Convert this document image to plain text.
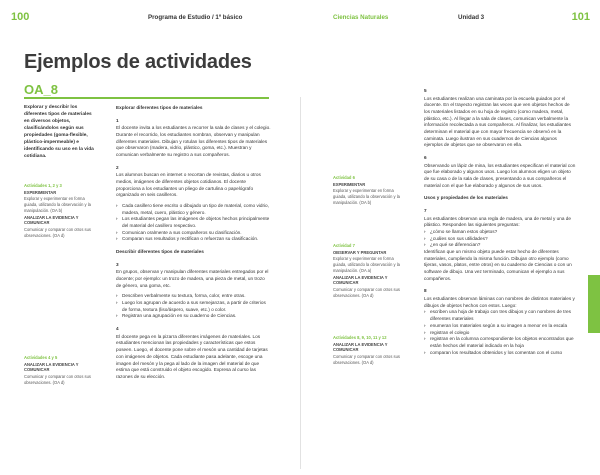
100	Programa de Estudio / 1º básico	Ciencias Naturales	Unidad 3	101
Ejemplos de actividades
OA_8
Explorar y describir los diferentes tipos de materiales en diversos objetos, clasificándolos según sus propiedades (goma-flexible, plástico-impermeable) e identificando su uso en la vida cotidiana.
Actividades 1, 2 y 3
EXPERIMENTAR
Explorar y experimentar en forma guiada, utilizando la observación y la manipulación. (OA b)
ANALIZAR LA EVIDENCIA Y COMUNICAR
Comunicar y comparar con otros sus observaciones. (OA d)
Actividades 4 y 5
ANALIZAR LA EVIDENCIA Y COMUNICAR
Comunicar y comparar con otros sus observaciones. (OA d)
Explorar diferentes tipos de materiales
1

El docente invita a los estudiantes a recorrer la sala de clases y el colegio. Durante el recorrido, los estudiantes nombran, observan y manipulan diferentes materiales. Dibujan y rotulan los diferentes tipos de materiales que observaron (madera, vidrio, plástico, goma, etc.). Muestran y comunican verbalmente su registro a sus compañeros.

2

Los alumnos buscan en internet o recortan de revistas, diarios u otros medios, imágenes de diferentes objetos cotidianos. El docente proporciona a los estudiantes un pliego de cartulina o papelógrafo organizado en seis casilleros.

› Cada casillero tiene escrito o dibujado un tipo de material, como vidrio, madera, metal, cuero, plástico y género.
› Los estudiantes pegan las imágenes de objetos hechos principalmente del material del casillero respectivo.
› Comunican oralmente a sus compañeros su clasificación.
› Comparan sus resultados y rectifican o refuerzan su clasificación.
Describir diferentes tipos de materiales
3

En grupos, observan y manipulan diferentes materiales entregados por el docente; por ejemplo: un trozo de madera, una pieza de metal, un trozo de género, una goma, etc.

› Describen verbalmente su textura, forma, color, entre otras.
› Luego los agrupan de acuerdo a sus semejanzas, a partir de criterios de forma, textura (liso/áspero, suave, etc.) o color.
› Registran una agrupación en su cuaderno de Ciencias.
4

El docente pega en la pizarra diferentes imágenes de materiales. Los estudiantes mencionan las propiedades y características que estos poseen. Luego, el docente pone sobre el mesón una cantidad de tarjetas con imágenes de objetos. Cada estudiante pasa adelante, escoge una imagen del mesón y la pega al lado de la imagen del material de que estima que está construido el objeto escogido. Expresa al curso las razones de su elección.

Actividad 6
EXPERIMENTAR
Explorar y experimentar en forma guiada, utilizando la observación y la manipulación. (OA b)
Actividad 7
OBSERVAR Y PREGUNTAR
Explorar y experimentar en forma guiada, utilizando la observación y la manipulación. (OA a)
ANALIZAR LA EVIDENCIA Y COMUNICAR
Comunicar y comparar con otros sus observaciones. (OA d)
Actividades 8, 9, 10, 11 y 12
ANALIZAR LA EVIDENCIA Y COMUNICAR
Comunicar y comparar con otros sus observaciones. (OA d)
5

Los estudiantes realizan una caminata por la escuela guiados por el docente. En el trayecto registran las veces que ven objetos hechos de los materiales listados en su hoja de registro (como madera, metal, plástico, etc.). Al llegar a la sala de clases, comunican verbalmente la información recolectada a sus compañeros. Al finalizar, los estudiantes determinan el material que con mayor frecuencia se observó en la caminata. Luego ilustran en sus cuadernos de Ciencias algunos ejemplos de objetos que se observaron en ella.

6

Observando un lápiz de mina, los estudiantes especifican el material con que fue elaborado y algunos usos. Luego los alumnos eligen un objeto de su casa o de la sala de clases, presentando a sus compañeros el material con el que fue elaborado y algunos de sus usos.

Usos y propiedades de los materiales
7

Los estudiantes observan una regla de madera, una de metal y una de plástico. Responden las siguientes preguntas:

› ¿cómo se llaman estos objetos?
› ¿cuáles son sus utilidades?
› ¿en qué se diferencian?

Identifican que un mismo objeto puede estar hecho de diferentes materiales, cumpliendo la misma función. Dibujan otro ejemplo (como tijeras, vasos, platos, entre otros) en su cuaderno de Ciencias o con un software de dibujo. Una vez terminado, comunican el ejemplo a sus compañeros.

8

Los estudiantes observan láminas con nombres de distintos materiales y dibujos de objetos hechos con estos. Luego:

› escriben una hoja de trabajo con tres dibujos y con nombres de tres diferentes materiales
› enumeran los materiales según a su imagen a menor en la escala
› registran el colegio
› registran en la columna correspondiente los objetos encontrados que están hechos del material indicado en la hoja
› comparan los resultados obtenidos y los comentan con el curso
